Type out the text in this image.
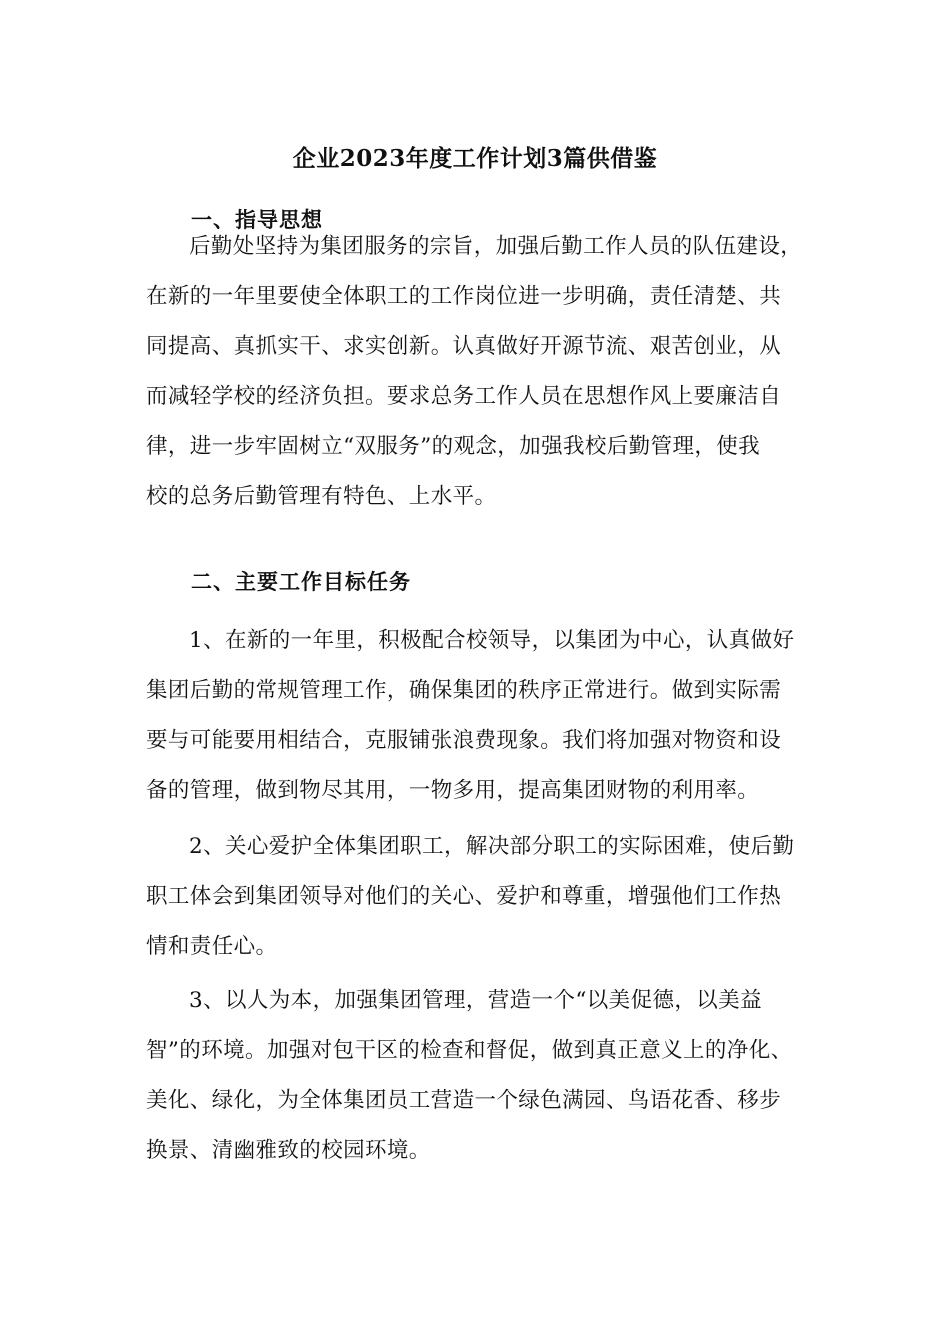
企业2023年度工作计划3篇供借鉴
一、指导思想
后勤处坚持为集团服务的宗旨，加强后勤工作人员的队伍建设，
在新的一年里要使全体职工的工作岗位进一步明确，责任清楚、共
同提高、真抓实干、求实创新。认真做好开源节流、艰苦创业，从
而减轻学校的经济负担。要求总务工作人员在思想作风上要廉洁自
律，进一步牢固树立“双服务”的观念，加强我校后勤管理，使我
校的总务后勤管理有特色、上水平。
二、主要工作目标任务
1、在新的一年里，积极配合校领导，以集团为中心，认真做好
集团后勤的常规管理工作，确保集团的秩序正常进行。做到实际需
要与可能要用相结合，克服铺张浪费现象。我们将加强对物资和设
备的管理，做到物尽其用，一物多用，提高集团财物的利用率。
2、关心爱护全体集团职工，解决部分职工的实际困难，使后勤
职工体会到集团领导对他们的关心、爱护和尊重，增强他们工作热
情和责任心。
3、以人为本，加强集团管理，营造一个“以美促德，以美益
智”的环境。加强对包干区的检查和督促，做到真正意义上的净化、
美化、绿化，为全体集团员工营造一个绿色满园、鸟语花香、移步
换景、清幽雅致的校园环境。
